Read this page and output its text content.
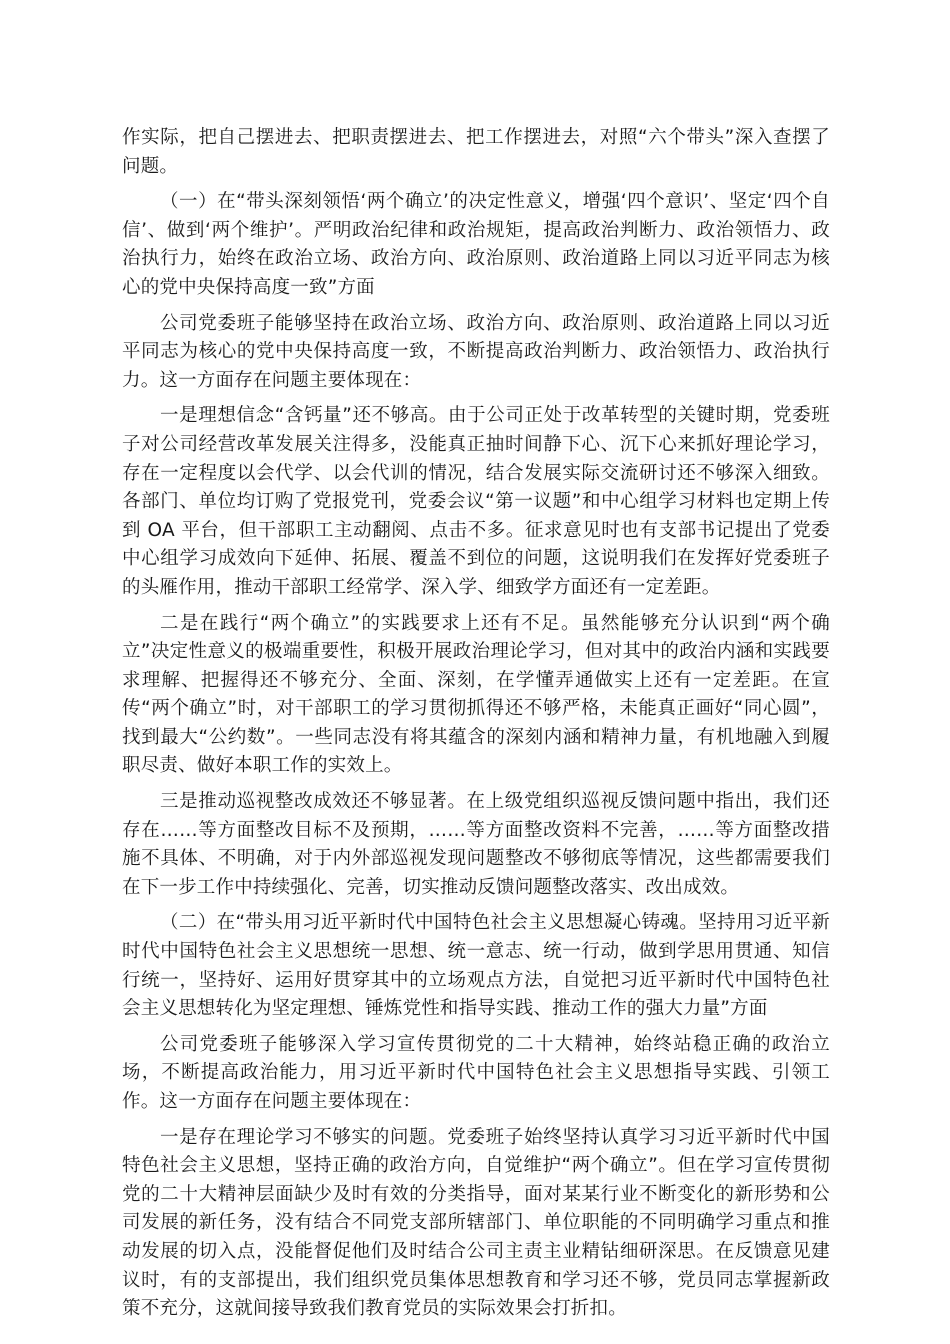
作实际，把自己摆进去、把职责摆进去、把工作摆进去，对照“六个带头”深入查摆了问题。

（一）在“带头深刻领悟‘两个确立’的决定性意义，增强‘四个意识’、坚定‘四个自信’、做到‘两个维护’。严明政治纪律和政治规矩，提高政治判断力、政治领悟力、政治执行力，始终在政治立场、政治方向、政治原则、政治道路上同以习近平同志为核心的党中央保持高度一致”方面

公司党委班子能够坚持在政治立场、政治方向、政治原则、政治道路上同以习近平同志为核心的党中央保持高度一致，不断提高政治判断力、政治领悟力、政治执行力。这一方面存在问题主要体现在：

一是理想信念“含钙量”还不够高。由于公司正处于改革转型的关键时期，党委班子对公司经营改革发展关注得多，没能真正抽时间静下心、沉下心来抓好理论学习，存在一定程度以会代学、以会代训的情况，结合发展实际交流研讨还不够深入细致。各部门、单位均订购了党报党刊，党委会议“第一议题”和中心组学习材料也定期上传到 OA 平台，但干部职工主动翻阅、点击不多。征求意见时也有支部书记提出了党委中心组学习成效向下延伸、拓展、覆盖不到位的问题，这说明我们在发挥好党委班子的头雁作用，推动干部职工经常学、深入学、细致学方面还有一定差距。

二是在践行“两个确立”的实践要求上还有不足。虽然能够充分认识到“两个确立”决定性意义的极端重要性，积极开展政治理论学习，但对其中的政治内涵和实践要求理解、把握得还不够充分、全面、深刻，在学懂弄通做实上还有一定差距。在宣传“两个确立”时，对干部职工的学习贯彻抓得还不够严格，未能真正画好“同心圆”，找到最大“公约数”。一些同志没有将其蕴含的深刻内涵和精神力量，有机地融入到履职尽责、做好本职工作的实效上。

三是推动巡视整改成效还不够显著。在上级党组织巡视反馈问题中指出，我们还存在……等方面整改目标不及预期，……等方面整改资料不完善，……等方面整改措施不具体、不明确，对于内外部巡视发现问题整改不够彻底等情况，这些都需要我们在下一步工作中持续强化、完善，切实推动反馈问题整改落实、改出成效。

（二）在“带头用习近平新时代中国特色社会主义思想凝心铸魂。坚持用习近平新时代中国特色社会主义思想统一思想、统一意志、统一行动，做到学思用贯通、知信行统一，坚持好、运用好贯穿其中的立场观点方法，自觉把习近平新时代中国特色社会主义思想转化为坚定理想、锤炼党性和指导实践、推动工作的强大力量”方面

公司党委班子能够深入学习宣传贯彻党的二十大精神，始终站稳正确的政治立场，不断提高政治能力，用习近平新时代中国特色社会主义思想指导实践、引领工作。这一方面存在问题主要体现在：

一是存在理论学习不够实的问题。党委班子始终坚持认真学习习近平新时代中国特色社会主义思想，坚持正确的政治方向，自觉维护“两个确立”。但在学习宣传贯彻党的二十大精神层面缺少及时有效的分类指导，面对某某行业不断变化的新形势和公司发展的新任务，没有结合不同党支部所辖部门、单位职能的不同明确学习重点和推动发展的切入点，没能督促他们及时结合公司主责主业精钻细研深思。在反馈意见建议时，有的支部提出，我们组织党员集体思想教育和学习还不够，党员同志掌握新政策不充分，这就间接导致我们教育党员的实际效果会打折扣。
